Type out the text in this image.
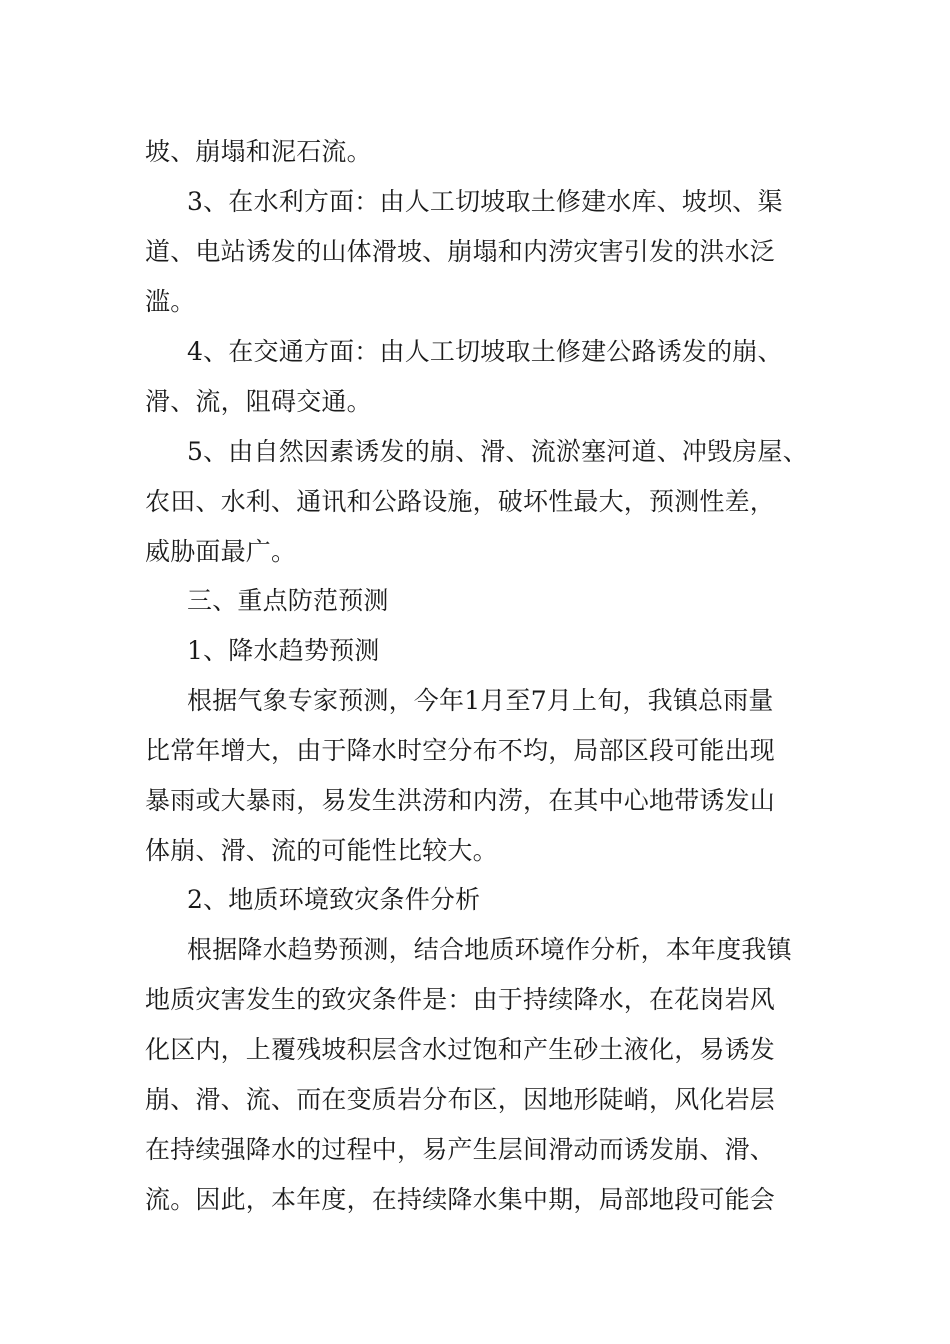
坡、崩塌和泥石流。
3、在水利方面：由人工切坡取土修建水库、坡坝、渠
道、电站诱发的山体滑坡、崩塌和内涝灾害引发的洪水泛
滥。
4、在交通方面：由人工切坡取土修建公路诱发的崩、
滑、流，阻碍交通。
5、由自然因素诱发的崩、滑、流淤塞河道、冲毁房屋、
农田、水利、通讯和公路设施，破坏性最大，预测性差，
威胁面最广。
三、重点防范预测
1、降水趋势预测
根据气象专家预测，今年1月至7月上旬，我镇总雨量
比常年增大，由于降水时空分布不均，局部区段可能出现
暴雨或大暴雨，易发生洪涝和内涝，在其中心地带诱发山
体崩、滑、流的可能性比较大。
2、地质环境致灾条件分析
根据降水趋势预测，结合地质环境作分析，本年度我镇
地质灾害发生的致灾条件是：由于持续降水，在花岗岩风
化区内，上覆残坡积层含水过饱和产生砂土液化，易诱发
崩、滑、流、而在变质岩分布区，因地形陡峭，风化岩层
在持续强降水的过程中，易产生层间滑动而诱发崩、滑、
流。因此，本年度，在持续降水集中期，局部地段可能会
